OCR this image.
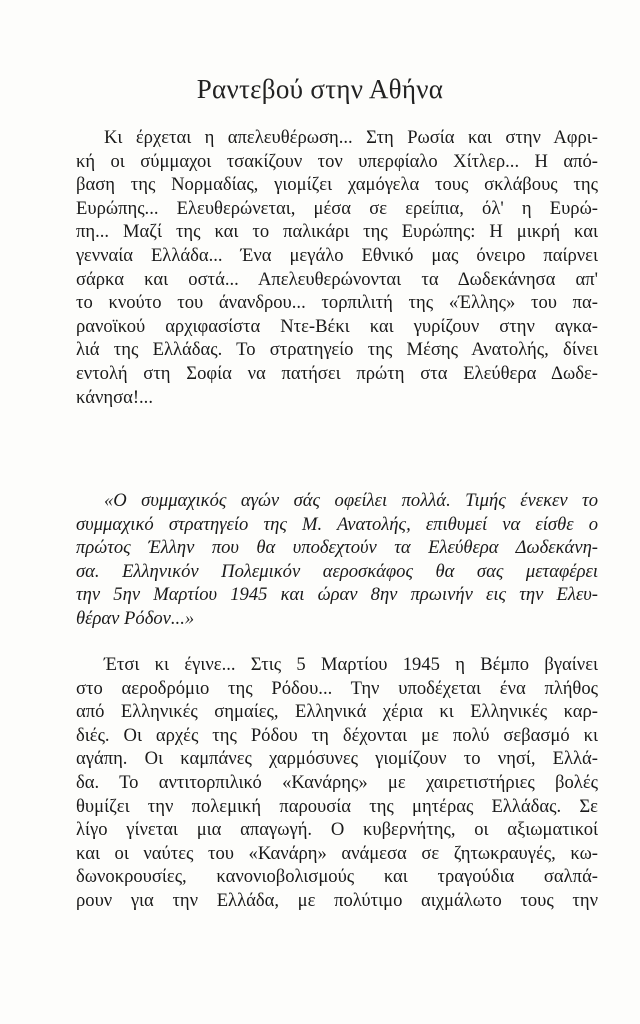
Ραντεβού στην Αθήνα
Κι έρχεται η απελευθέρωση... Στη Ρωσία και στην Αφρι-
κή οι σύμμαχοι τσακίζουν τον υπερφίαλο Χίτλερ... Η από-
βαση της Νορμαδίας, γιομίζει χαμόγελα τους σκλάβους της
Ευρώπης... Ελευθερώνεται, μέσα σε ερείπια, όλ' η Ευρώ-
πη... Μαζί της και το παλικάρι της Ευρώπης: Η μικρή και
γενναία Ελλάδα... Ένα μεγάλο Εθνικό μας όνειρο παίρνει
σάρκα και οστά... Απελευθερώνονται τα Δωδεκάνησα απ'
το κνούτο του άνανδρου... τορπιλιτή της «Έλλης» του πα-
ρανοϊκού αρχιφασίστα Ντε-Βέκι και γυρίζουν στην αγκα-
λιά της Ελλάδας. Το στρατηγείο της Μέσης Ανατολής, δίνει
εντολή στη Σοφία να πατήσει πρώτη στα Ελεύθερα Δωδε-
κάνησα!...
«Ο συμμαχικός αγών σάς οφείλει πολλά. Τιμής ένεκεν το
συμμαχικό στρατηγείο της Μ. Ανατολής, επιθυμεί να είσθε ο
πρώτος Έλλην που θα υποδεχτούν τα Ελεύθερα Δωδεκάνη-
σα. Ελληνικόν Πολεμικόν αεροσκάφος θα σας μεταφέρει
την 5ην Μαρτίου 1945 και ώραν 8ην πρωινήν εις την Ελευ-
θέραν Ρόδον...»
Έτσι κι έγινε... Στις 5 Μαρτίου 1945 η Βέμπο βγαίνει
στο αεροδρόμιο της Ρόδου... Την υποδέχεται ένα πλήθος
από Ελληνικές σημαίες, Ελληνικά χέρια κι Ελληνικές καρ-
διές. Οι αρχές της Ρόδου τη δέχονται με πολύ σεβασμό κι
αγάπη. Οι καμπάνες χαρμόσυνες γιομίζουν το νησί, Ελλά-
δα. Το αντιτορπιλικό «Κανάρης» με χαιρετιστήριες βολές
θυμίζει την πολεμική παρουσία της μητέρας Ελλάδας. Σε
λίγο γίνεται μια απαγωγή. Ο κυβερνήτης, οι αξιωματικοί
και οι ναύτες του «Κανάρη» ανάμεσα σε ζητωκραυγές, κω-
δωνοκρουσίες, κανονιοβολισμούς και τραγούδια σαλπά-
ρουν για την Ελλάδα, με πολύτιμο αιχμάλωτο τους την
